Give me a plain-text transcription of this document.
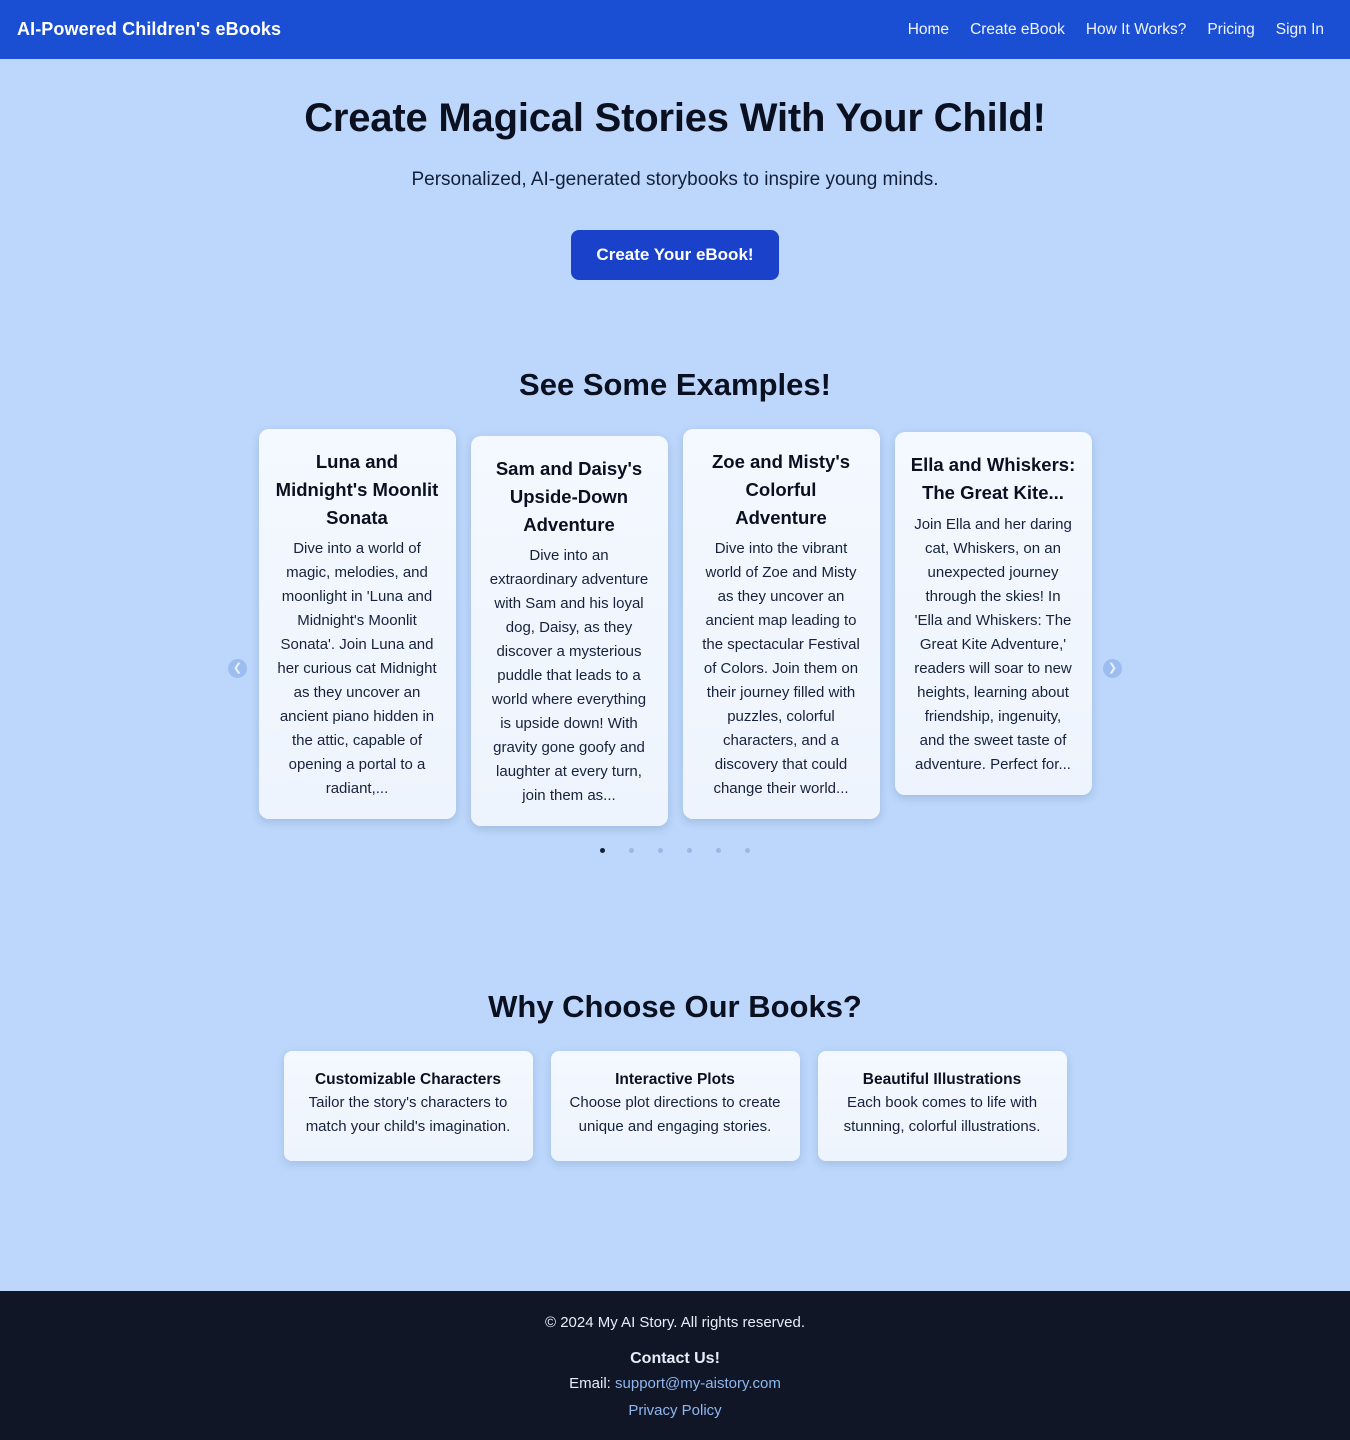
AI-Powered Children's eBooks	Home Create eBook How It Works? Pricing Sign In
Create Magical Stories With Your Child!

Personalized, AI-generated storybooks to inspire young minds.

Create Your eBook!
See Some Examples!
❮	❯
Luna and Midnight's Moonlit Sonata

Dive into a world of magic, melodies, and moonlight in 'Luna and Midnight's Moonlit Sonata'. Join Luna and her curious cat Midnight as they uncover an ancient piano hidden in the attic, capable of opening a portal to a radiant,...

Sam and Daisy's Upside-Down Adventure

Dive into an extraordinary adventure with Sam and his loyal dog, Daisy, as they discover a mysterious puddle that leads to a world where everything is upside down! With gravity gone goofy and laughter at every turn, join them as...

Zoe and Misty's Colorful Adventure

Dive into the vibrant world of Zoe and Misty as they uncover an ancient map leading to the spectacular Festival of Colors. Join them on their journey filled with puzzles, colorful characters, and a discovery that could change their world...

Ella and Whiskers: The Great Kite...

Join Ella and her daring cat, Whiskers, on an unexpected journey through the skies! In 'Ella and Whiskers: The Great Kite Adventure,' readers will soar to new heights, learning about friendship, ingenuity, and the sweet taste of adventure. Perfect for...

Why Choose Our Books?
Customizable Characters

Tailor the story's characters to match your child's imagination.

Interactive Plots

Choose plot directions to create unique and engaging stories.

Beautiful Illustrations

Each book comes to life with stunning, colorful illustrations.

© 2024 My AI Story. All rights reserved.
Contact Us!
Email: support@my-aistory.com
Privacy Policy
